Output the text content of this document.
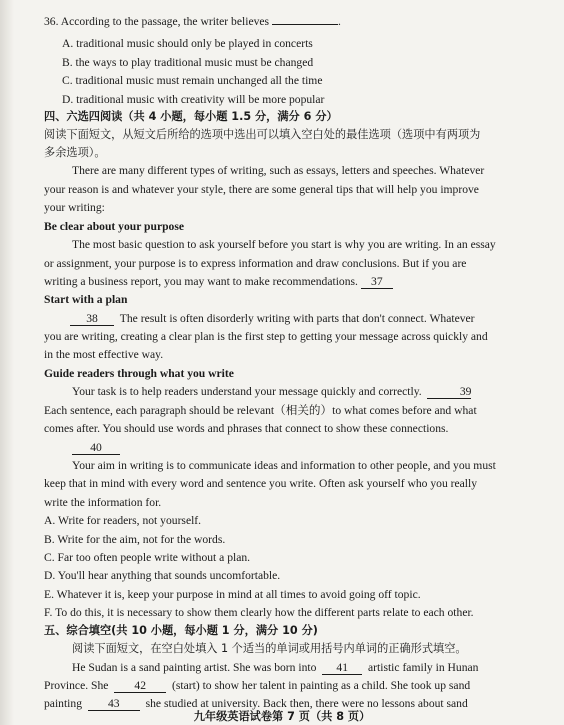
36. According to the passage, the writer believes	.
A. traditional music should only be played in concerts
B. the ways to play traditional music must be changed
C. traditional music must remain unchanged all the time
D. traditional music with creativity will be more popular
四、六选四阅读（共 4 小题，每小题 1.5 分，满分 6 分）
阅读下面短文，从短文后所给的选项中选出可以填入空白处的最佳选项（选项中有两项为
多余选项）。
There are many different types of writing, such as essays, letters and speeches. Whatever
your reason is and whatever your style, there are some general tips that will help you improve
your writing:
Be clear about your purpose
The most basic question to ask yourself before you start is why you are writing. In an essay
or assignment, your purpose is to express information and draw conclusions. But if you are
writing a business report, you may want to make recommendations. 37
Start with a plan
38 The result is often disorderly writing with parts that don't connect. Whatever
you are writing, creating a clear plan is the first step to getting your message across quickly and
in the most effective way.
Guide readers through what you write
Your task is to help readers understand your message quickly and correctly.	39
Each sentence, each paragraph should be relevant（相关的）to what comes before and what
comes after. You should use words and phrases that connect to show these connections.
40
Your aim in writing is to communicate ideas and information to other people, and you must
keep that in mind with every word and sentence you write. Often ask yourself who you really
write the information for.
A. Write for readers, not yourself.
B. Write for the aim, not for the words.
C. Far too often people write without a plan.
D. You'll hear anything that sounds uncomfortable.
E. Whatever it is, keep your purpose in mind at all times to avoid going off topic.
F. To do this, it is necessary to show them clearly how the different parts relate to each other.
五、综合填空(共 10 小题，每小题 1 分，满分 10 分)
阅读下面短文，在空白处填入 1 个适当的单词或用括号内单词的正确形式填空。
He Sudan is a sand painting artist. She was born into 41 artistic family in Hunan
Province. She 42 (start) to show her talent in painting as a child. She took up sand
painting 43 she studied at university. Back then, there were no lessons about sand
九年级英语试卷第 7 页（共 8 页）
